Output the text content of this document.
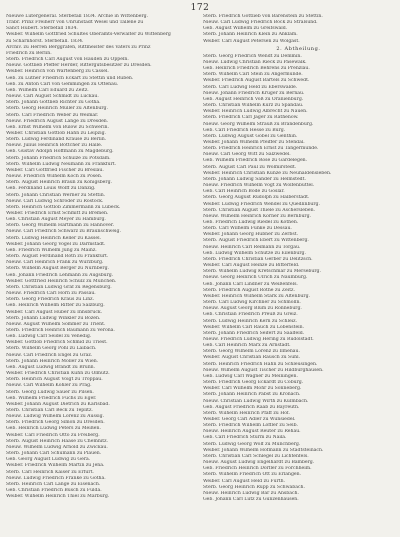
172

Nieuwe Lutergeneral. Sterbefall 1834. Archie in Wittenberg.

Trabr. Prinz Freiherr von Unruhstadt Wesel und Tallene zu

Sanct Hubert. Sterbefall 1834.

Weiber. Wilhelm Gottfried Schultes Oberamts-Verwalter zu Wittenberg

zu Scharnhorst. Sterbefall. 1834.

Archiv. zu Herren Berggrafen, Rittmeister des Vaters zu Prinz

Friedrich zu Berlin.

Sterb. Friedrich Carl August von Hauden zu Oppeln.

Nieuw. Gottlieb Pfeffer Herder, Rittergutsbesitzer zu Dresden.

Weiber. Heinrich von Wartenberg zu Cassel.

Geb. zu Luther Friedrich Eckart zu Stettin und Ruben.

Geb. zu Anton Carl von Gemmingen zu Ottenau.

Geb. Wilhelm Carl Eduard zu Zeitz.

Nieuw. Carl August Schmidt zu Luckau.

Sterb. Johann Gottlieb Richter zu Gotha.

Sterb. Georg Heinrich Müller zu Altenburg.

Sterb. Carl Friedrich Weber zu Weimar.

Nieuw. Friedrich August Lange zu Dresden.

Geb. Ernst Wilhelm von Bülow zu Schwerin.

Weiber. Christian Gottlob Hahn zu Leipzig.

Sterb. Ludwig Ferdinand Krause zu Berlin.

Nieuw. Julius Heinrich Böttcher zu Halle.

Geb. Gustav Adolph Hoffmann zu Magdeburg.

Sterb. Johann Friedrich Schulze zu Potsdam.

Sterb. Wilhelm Ludwig Neumann zu Frankfurt.

Weiber. Carl Gottfried Fischer zu Breslau.

Nieuw. Friedrich Wilhelm Koch zu Posen.

Sterb. August Heinrich Braun zu Königsberg.

Geb. Ferdinand Louis Wolff zu Danzig.

Sterb. Johann Christian Werner zu Stettin.

Nieuw. Carl Ludwig Schröder zu Rostock.

Sterb. Heinrich Gottlob Zimmermann zu Lübeck.

Weiber. Friedrich Ernst Schmitt zu Bremen.

Geb. Christian August Meyer zu Hamburg.

Sterb. Georg Wilhelm Hartmann zu Hannover.

Nieuw. Carl Friedrich Schwarz zu Braunschweig.

Sterb. Ludwig Heinrich Keller zu Kassel.

Weiber. Johann Georg Vogel zu Darmstadt.

Geb. Friedrich Wilhelm Jung zu Mainz.

Sterb. August Ferdinand Roth zu Frankfurt.

Nieuw. Carl Heinrich Frank zu Würzburg.

Sterb. Wilhelm August Berger zu Nürnberg.

Geb. Johann Friedrich Lehmann zu Augsburg.

Weiber. Gottfried Heinrich Schulz zu München.

Sterb. Christian Ludwig Graf zu Regensburg.

Nieuw. Friedrich Carl Horn zu Passau.

Sterb. Georg Friedrich Kraus zu Linz.

Geb. Heinrich Wilhelm Ritter zu Salzburg.

Weiber. Carl August Huber zu Innsbruck.

Sterb. Johann Ludwig Winkler zu Bozen.

Nieuw. August Wilhelm Sommer zu Trient.

Sterb. Friedrich Heinrich Baumann zu Verona.

Geb. Ludwig Carl Seidel zu Venedig.

Weiber. Gottlob Friedrich Schmid zu Triest.

Sterb. Wilhelm Georg Pohl zu Laibach.

Nieuw. Carl Friedrich Engel zu Graz.

Sterb. Johann Heinrich Möller zu Wien.

Geb. August Ludwig Brandt zu Brünn.

Weiber. Friedrich Christian Kühn zu Olmütz.

Sterb. Heinrich August Voigt zu Troppau.

Nieuw. Carl Wilhelm Köhler zu Prag.

Sterb. Georg Ludwig Sauer zu Pilsen.

Geb. Wilhelm Friedrich Fuchs zu Eger.

Weiber. Johann August Dietrich zu Karlsbad.

Sterb. Christian Carl Beck zu Teplitz.

Nieuw. Ludwig Wilhelm Lorenz zu Aussig.

Sterb. Friedrich Georg Simon zu Dresden.

Geb. Heinrich Ludwig Peters zu Meißen.

Weiber. Carl Friedrich Otto zu Freiberg.

Sterb. August Heinrich Haase zu Chemnitz.

Nieuw. Wilhelm Ludwig Arnold zu Zwickau.

Sterb. Johann Carl Schumann zu Plauen.

Geb. Georg August Ludwig zu Gera.

Weiber. Friedrich Wilhelm Martin zu Jena.

Sterb. Carl Heinrich Kaiser zu Erfurt.

Nieuw. Ludwig Friedrich Franke zu Gotha.

Sterb. Heinrich Carl Lange zu Eisenach.

Geb. Christian Friedrich Busch zu Fulda.

Weiber. Wilhelm Heinrich Thiel zu Marburg.

Sterb. Friedrich Gottlieb von Bärenstein zu Stettin.

Nieuw. Carl Ludwig Friedrich Bock zu Stralsund.

Geb. August Wilhelm zu Greifswald.

Sterb. Johann Heinrich Klein zu Anklam.

Weiber. Carl August Petersen zu Wolgast.

2. Abtheilung.

Sterb. Georg Friedrich Wendt zu Demmin.

Nieuw. Ludwig Christian Rieck zu Pasewalk.

Geb. Heinrich Friedrich Behrens zu Prenzlau.

Sterb. Wilhelm Carl Stein zu Angermünde.

Weiber. Friedrich August Bartels zu Schwedt.

Sterb. Carl Ludwig Held zu Eberswalde.

Nieuw. Johann Friedrich Krüger zu Bernau.

Geb. August Heinrich Voß zu Oranienburg.

Sterb. Christian Wilhelm Kurz zu Spandau.

Weiber. Heinrich Ludwig Albrecht zu Nauen.

Sterb. Friedrich Carl Jäger zu Rathenow.

Nieuw. Georg Wilhelm Strauß zu Brandenburg.

Geb. Carl Friedrich Hesse zu Burg.

Sterb. Ludwig August Göbel zu Genthin.

Weiber. Johann Wilhelm Pfeiffer zu Stendal.

Sterb. Friedrich Heinrich Ernst zu Tangermünde.

Nieuw. Carl Georg Witt zu Salzwedel.

Geb. Wilhelm Friedrich Rose zu Gardelegen.

Sterb. August Carl Paul zu Wolmirstedt.

Weiber. Heinrich Christian Kunze zu Neuhaldensleben.

Sterb. Johann Ludwig Sander zu Helmstedt.

Nieuw. Friedrich Wilhelm Vogt zu Wolfenbüttel.

Geb. Carl Heinrich Bode zu Goslar.

Sterb. Georg August Rudolph zu Halberstadt.

Weiber. Ludwig Friedrich Wendel zu Quedlinburg.

Sterb. Christian August Thiele zu Aschersleben.

Nieuw. Wilhelm Heinrich Körner zu Bernburg.

Geb. Friedrich Ludwig Riedel zu Köthen.

Sterb. Carl Wilhelm Funke zu Dessau.

Weiber. Johann Georg Hübner zu Zerbst.

Sterb. August Friedrich Ebert zu Wittenberg.

Nieuw. Heinrich Carl Reimann zu Torgau.

Geb. Ludwig Wilhelm Schütze zu Eilenburg.

Sterb. Friedrich Christian Gerber zu Delitzsch.

Weiber. Carl August Heinze zu Bitterfeld.

Sterb. Wilhelm Ludwig Kretschmar zu Merseburg.

Nieuw. Georg Heinrich Ulrich zu Naumburg.

Geb. Johann Carl Lindner zu Weißenfels.

Sterb. Friedrich August Rothe zu Zeitz.

Weiber. Heinrich Wilhelm Stark zu Altenburg.

Sterb. Carl Ludwig Kirchner zu Schmölln.

Nieuw. August Georg Blum zu Ronneburg.

Geb. Christian Friedrich Preuß zu Greiz.

Sterb. Ludwig Heinrich Kern zu Schleiz.

Weiber. Wilhelm Carl Rauch zu Lobenstein.

Sterb. Johann Friedrich Seifert zu Saalfeld.

Nieuw. Friedrich Ludwig Hering zu Rudolstadt.

Geb. Carl Heinrich Marx zu Arnstadt.

Sterb. Georg Wilhelm Lorenz zu Ilmenau.

Weiber. August Christian Rausch zu Suhl.

Sterb. Heinrich Friedrich Hahn zu Schleusingen.

Nieuw. Wilhelm August Tischer zu Hildburghausen.

Geb. Ludwig Carl Wagner zu Meiningen.

Sterb. Friedrich Georg Eckardt zu Coburg.

Weiber. Carl Wilhelm Mohr zu Sonneberg.

Sterb. Johann Heinrich Pabst zu Kronach.

Nieuw. Christian Ludwig Wirth zu Kulmbach.

Geb. August Friedrich Raab zu Bayreuth.

Sterb. Wilhelm Heinrich Pfaff zu Hof.

Weiber. Georg Carl Adler zu Wunsiedel.

Sterb. Friedrich Wilhelm Löffler zu Selb.

Nieuw. Heinrich August Reuter zu Rehau.

Geb. Carl Friedrich Sturm zu Naila.

Sterb. Ludwig Georg Wolf zu Münchberg.

Weiber. Johann Wilhelm Hofmann zu Stadtsteinach.

Sterb. Christian Carl Schlegel zu Lichtenfels.

Nieuw. August Ludwig Engelhardt zu Bamberg.

Geb. Friedrich Heinrich Dörfler zu Forchheim.

Sterb. Wilhelm Friedrich Ott zu Erlangen.

Weiber. Carl August Held zu Fürth.

Sterb. Georg Heinrich Rupp zu Schwabach.

Nieuw. Heinrich Ludwig Bär zu Ansbach.

Geb. Johann Carl Lutz zu Gunzenhausen.
